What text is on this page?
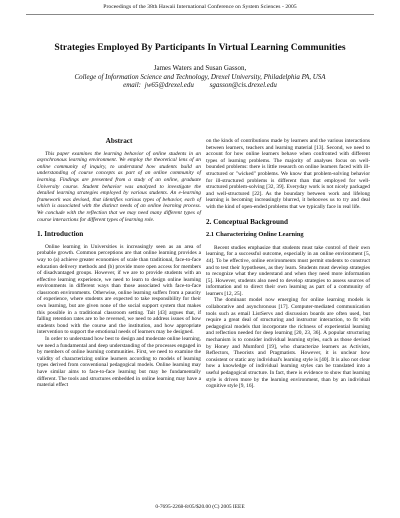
Proceedings of the 38th Hawaii International Conference on System Sciences - 2005
Strategies Employed By Participants In Virtual Learning Communities
James Waters and Susan Gasson,
College of Information Science and Technology, Drexel University, Philadelphia PA, USA
email: jw65@drexel.edu sgasson@cis.drexel.edu
Abstract

This paper examines the learning behavior of online students in an asynchronous learning environment. We employ the theoretical lens of an online community of inquiry, to understand how students build an understanding of course concepts as part of an online community of learning. Findings are presented from a study of an online, graduate University course. Student behavior was analyzed to investigate the detailed learning strategies employed by various students. An e-learning framework was devised, that identifies various types of behavior, each of which is associated with the distinct needs of an online learning process. We conclude with the reflection that we may need many different types of course interactions for different types of learning role.

1. Introduction

Online learning in Universities is increasingly seen as an area of probable growth. Common perceptions are that online learning provides a way to (a) achieve greater economies of scale than traditional, face-to-face education delivery methods and (b) provide more open access for members of disadvantaged groups. However, if we are to provide students with an effective learning experience, we need to learn to design online learning environments in different ways than those associated with face-to-face classroom environments. Otherwise, online learning suffers from a paucity of experience, where students are expected to take responsibility for their own learning, but are given none of the social support system that makes this possible in a traditional classroom setting. Tait [43] argues that, if falling retention rates are to be reversed, we need to address issues of how students bond with the course and the institution, and how appropriate intervention to support the emotional needs of learners may be designed.

In order to understand how best to design and moderate online learning, we need a fundamental and deep understanding of the processes engaged in by members of online learning communities. First, we need to examine the validity of characterizing online learners according to models of learning types derived from conventional pedagogical models. Online learning may have similar aims to face-to-face learning but may be fundamentally different. The tools and structures embedded in online learning may have a material effect

on the kinds of contributions made by learners and the various interactions between learners, teachers and learning material [13]. Second, we need to account for how online learners behave when confronted with different types of learning problems. The majority of analyses focus on well-bounded problems: there is little research on online learners faced with ill-structured or "wicked" problems. We know that problem-solving behavior for ill-structured problems is different than that employed for well-structured problem-solving [32, 39]. Everyday work is not nicely packaged and well-structured [22]. As the boundary between work and lifelong learning is becoming increasingly blurred, it behooves us to try and deal with the kind of open-ended problems that we typically face in real life.

2. Conceptual Background
2.1 Characterizing Online Learning

Recent studies emphasize that students must take control of their own learning, for a successful outcome, especially in an online environment [5, 44]. To be effective, online environments must permit students to construct and to test their hypotheses, as they learn. Students must develop strategies to recognize what they understand and when they need more information [5]. However, students also need to develop strategies to assess sources of information and to direct their own learning as part of a community of learners [12, 25].

The dominant model now emerging for online learning models is collaborative and asynchronous [17]. Computer-mediated communication tools such as email ListServs and discussion boards are often used, but require a great deal of structuring and instructor interaction, to fit with pedagogical models that incorporate the richness of experiential learning and reflection needed for deep learning [20, 23, 36]. A popular structuring mechanism is to consider individual learning styles, such as those devised by Honey and Mumford [19], who characterize learners as Activists, Reflectors, Theorists and Pragmatists. However, it is unclear how consistent or static any individual's learning style is [40]. It is also not clear how a knowledge of individual learning styles can be translated into a useful pedagogical structure. In fact, there is evidence to show that learning style is driven more by the learning environment, than by an individual cognitive style [9, 16].

0-7695-2268-8/05/$20.00 (C) 2005 IEEE
